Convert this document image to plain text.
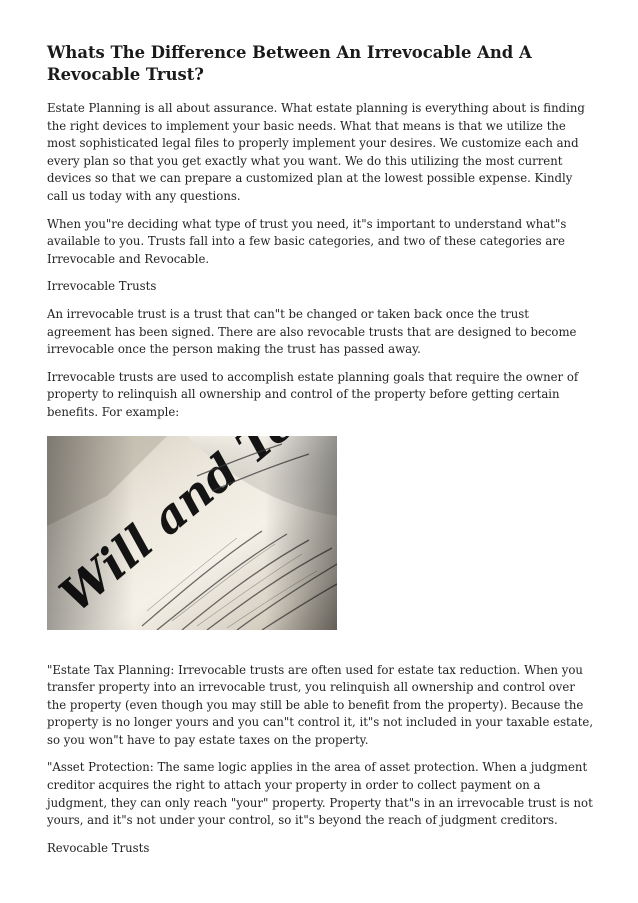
Whats The Difference Between An Irrevocable And A Revocable Trust?

Estate Planning is all about assurance. What estate planning is everything about is finding the right devices to implement your basic needs. What that means is that we utilize the most sophisticated legal files to properly implement your desires. We customize each and every plan so that you get exactly what you want. We do this utilizing the most current devices so that we can prepare a customized plan at the lowest possible expense. Kindly call us today with any questions.

When you"re deciding what type of trust you need, it"s important to understand what"s available to you. Trusts fall into a few basic categories, and two of these categories are Irrevocable and Revocable.

Irrevocable Trusts

An irrevocable trust is a trust that can"t be changed or taken back once the trust agreement has been signed. There are also revocable trusts that are designed to become irrevocable once the person making the trust has passed away.

Irrevocable trusts are used to accomplish estate planning goals that require the owner of property to relinquish all ownership and control of the property before getting certain benefits. For example:

"Estate Tax Planning: Irrevocable trusts are often used for estate tax reduction. When you transfer property into an irrevocable trust, you relinquish all ownership and control over the property (even though you may still be able to benefit from the property). Because the property is no longer yours and you can"t control it, it"s not included in your taxable estate, so you won"t have to pay estate taxes on the property.

"Asset Protection: The same logic applies in the area of asset protection. When a judgment creditor acquires the right to attach your property in order to collect payment on a judgment, they can only reach "your" property. Property that"s in an irrevocable trust is not yours, and it"s not under your control, so it"s beyond the reach of judgment creditors.

Revocable Trusts
